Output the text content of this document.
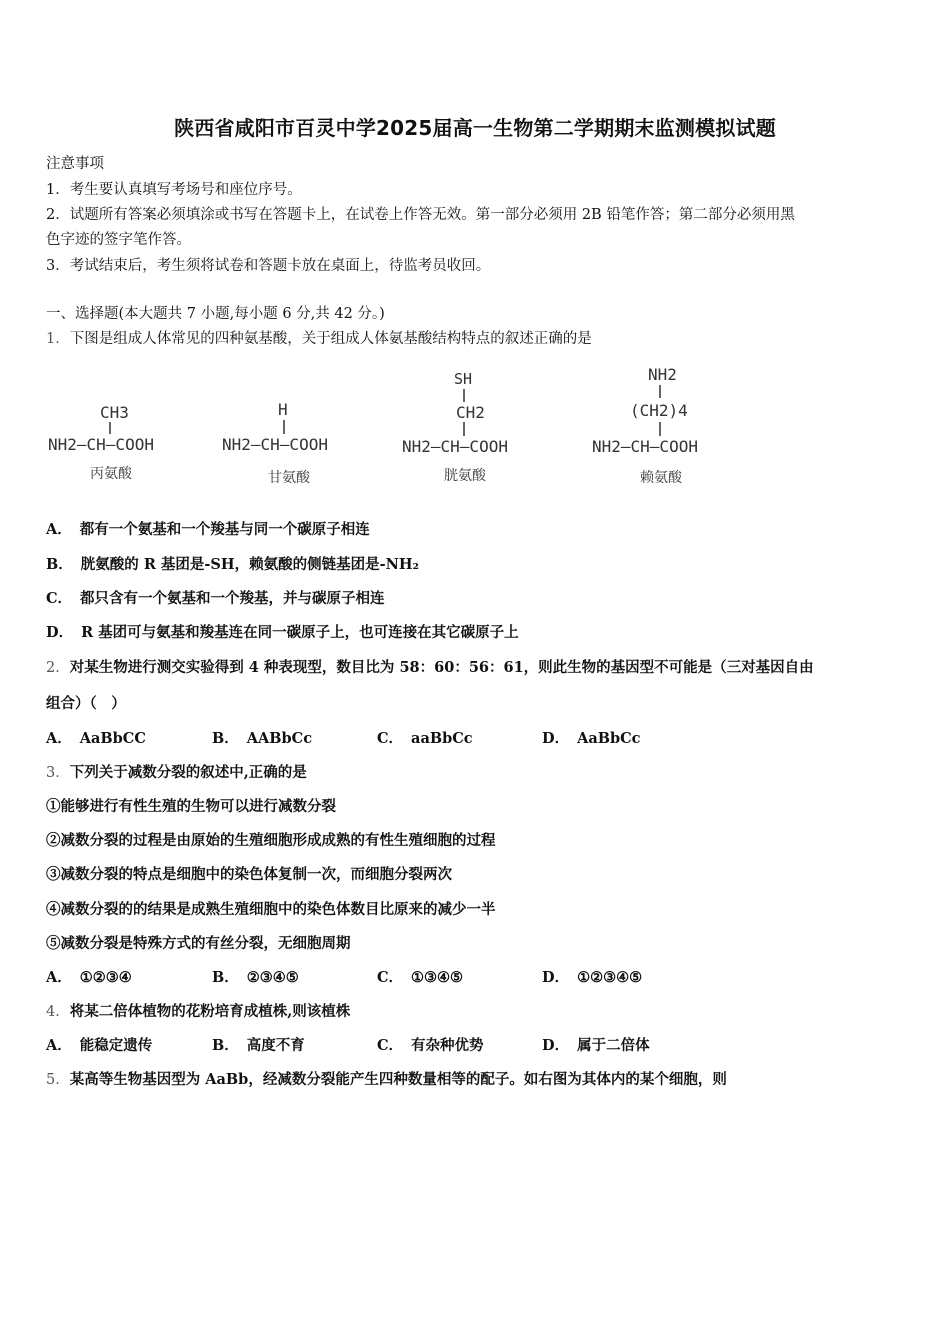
陕西省咸阳市百灵中学2025届高一生物第二学期期末监测模拟试题
注意事项
1．考生要认真填写考场号和座位序号。
2．试题所有答案必须填涂或书写在答题卡上，在试卷上作答无效。第一部分必须用 2B 铅笔作答；第二部分必须用黑
色字迹的签字笔作答。
3．考试结束后，考生须将试卷和答题卡放在桌面上，待监考员收回。
一、选择题(本大题共 7 小题,每小题 6 分,共 42 分。)
1．下图是组成人体常见的四种氨基酸，关于组成人体氨基酸结构特点的叙述正确的是
CH3
NH2—CH—COOH
丙氨酸
H
NH2—CH—COOH
甘氨酸
SH
CH2
NH2—CH—COOH
胱氨酸
NH2
(CH2)4
NH2—CH—COOH
赖氨酸
A． 都有一个氨基和一个羧基与同一个碳原子相连
B． 胱氨酸的 R 基团是-SH，赖氨酸的侧链基团是-NH₂
C． 都只含有一个氨基和一个羧基，并与碳原子相连
D． R 基团可与氨基和羧基连在同一碳原子上，也可连接在其它碳原子上
2．对某生物进行测交实验得到 4 种表现型，数目比为 58：60：56：61，则此生物的基因型不可能是（三对基因自由
组合）（　）
A． AaBbCC	B． AABbCc	C． aaBbCc	D． AaBbCc
3．下列关于减数分裂的叙述中,正确的是
①能够进行有性生殖的生物可以进行减数分裂
②减数分裂的过程是由原始的生殖细胞形成成熟的有性生殖细胞的过程
③减数分裂的特点是细胞中的染色体复制一次，而细胞分裂两次
④减数分裂的的结果是成熟生殖细胞中的染色体数目比原来的减少一半
⑤减数分裂是特殊方式的有丝分裂，无细胞周期
A． ①②③④	B． ②③④⑤	C． ①③④⑤	D． ①②③④⑤
4．将某二倍体植物的花粉培育成植株,则该植株
A． 能稳定遗传	B． 高度不育	C． 有杂种优势	D． 属于二倍体
5．某高等生物基因型为 AaBb，经减数分裂能产生四种数量相等的配子。如右图为其体内的某个细胞，则
